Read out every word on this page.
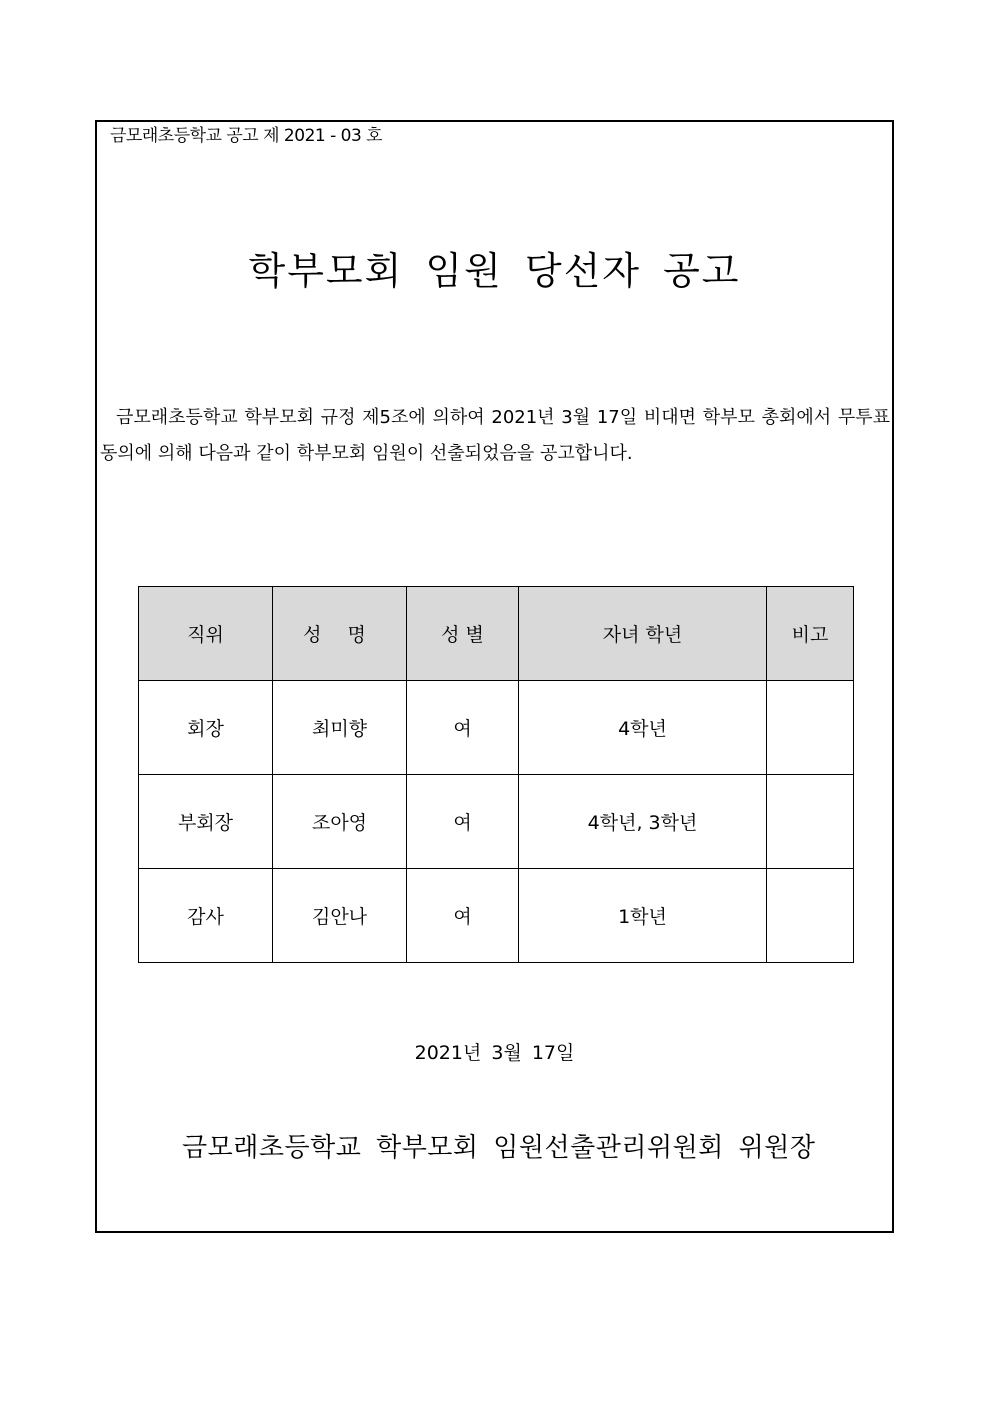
금모래초등학교 공고 제 2021 - 03 호
학부모회 임원 당선자 공고
금모래초등학교 학부모회 규정 제5조에 의하여 2021년 3월 17일 비대면 학부모 총회에서 무투표 동의에 의해 다음과 같이 학부모회 임원이 선출되었음을 공고합니다.
직위	성 명	성 별	자녀 학년	비고
회장	최미향	여	4학년	
부회장	조아영	여	4학년, 3학년	
감사	김안나	여	1학년	
2021년 3월 17일
금모래초등학교 학부모회 임원선출관리위원회 위원장
